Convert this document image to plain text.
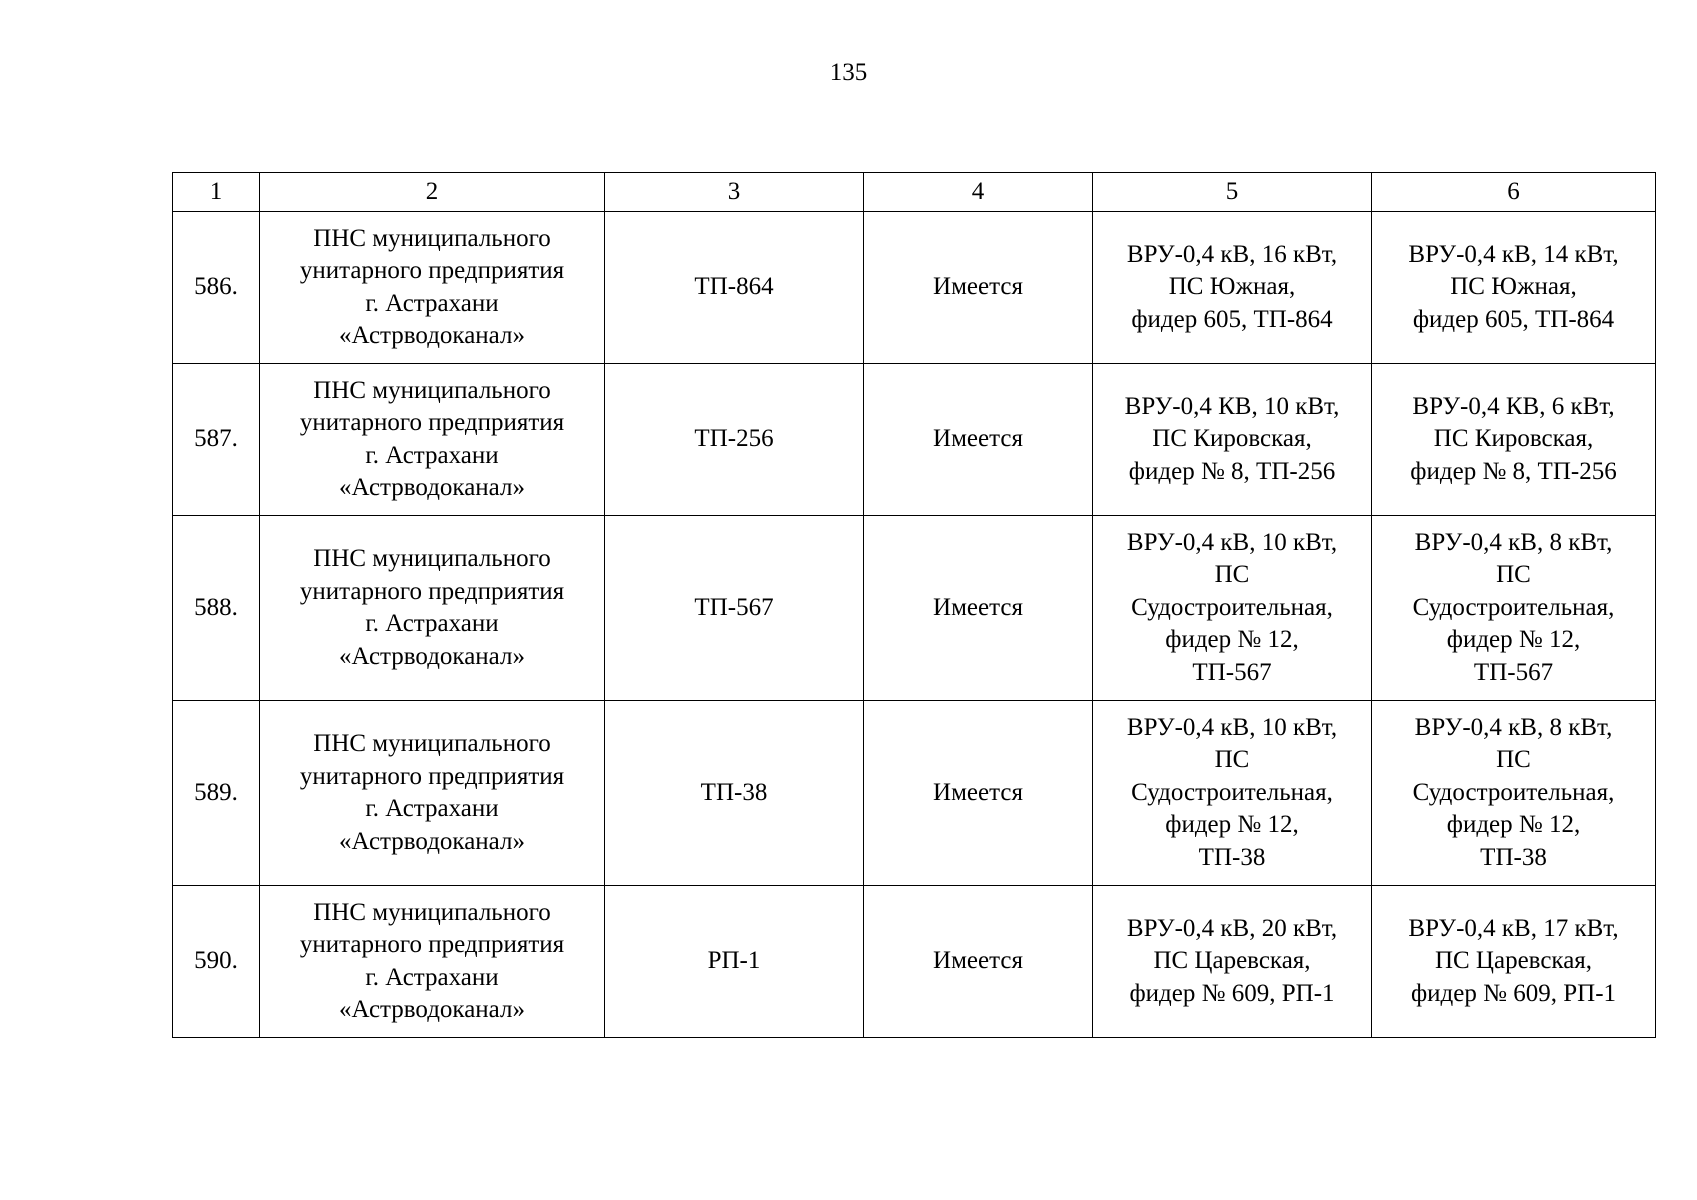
135
1	2	3	4	5	6
586.	ПНС муниципального
унитарного предприятия
г. Астрахани
«Астрводоканал»	ТП-864	Имеется	ВРУ-0,4 кВ, 16 кВт,
ПС Южная,
фидер 605, ТП-864	ВРУ-0,4 кВ, 14 кВт,
ПС Южная,
фидер 605, ТП-864

587.	ПНС муниципального
унитарного предприятия
г. Астрахани
«Астрводоканал»	ТП-256	Имеется	ВРУ-0,4 КВ, 10 кВт,
ПС Кировская,
фидер № 8, ТП-256	ВРУ-0,4 КВ, 6 кВт,
ПС Кировская,
фидер № 8, ТП-256

588.	ПНС муниципального
унитарного предприятия
г. Астрахани
«Астрводоканал»	ТП-567	Имеется	ВРУ-0,4 кВ, 10 кВт,
ПС
Судостроительная,
фидер № 12,
ТП-567	ВРУ-0,4 кВ, 8 кВт,
ПС
Судостроительная,
фидер № 12,
ТП-567

589.	ПНС муниципального
унитарного предприятия
г. Астрахани
«Астрводоканал»	ТП-38	Имеется	ВРУ-0,4 кВ, 10 кВт,
ПС
Судостроительная,
фидер № 12,
ТП-38	ВРУ-0,4 кВ, 8 кВт,
ПС
Судостроительная,
фидер № 12,
ТП-38

590.	ПНС муниципального
унитарного предприятия
г. Астрахани
«Астрводоканал»	РП-1	Имеется	ВРУ-0,4 кВ, 20 кВт,
ПС Царевская,
фидер № 609, РП-1	ВРУ-0,4 кВ, 17 кВт,
ПС Царевская,
фидер № 609, РП-1
